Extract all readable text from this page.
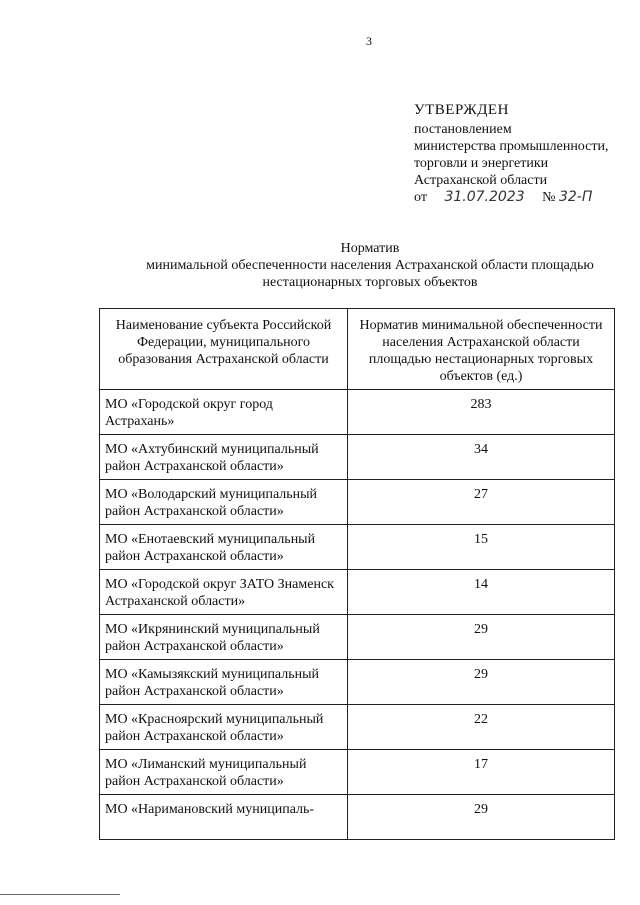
3
УТВЕРЖДЕН
постановлением
министерства промышленности,
торговли и энергетики
Астраханской области
от 31.07.2023 № 32-П
Норматив
минимальной обеспеченности населения Астраханской области площадью
нестационарных торговых объектов
Наименование субъекта Российской Федерации, муниципального образования Астраханской области	Норматив минимальной обеспеченности населения Астраханской области площадью нестационарных торговых объектов (ед.)
МО «Городской округ город Астрахань»	283
МО «Ахтубинский муниципальный район Астраханской области»	34
МО «Володарский муниципальный район Астраханской области»	27
МО «Енотаевский муниципальный район Астраханской области»	15
МО «Городской округ ЗАТО Знаменск Астраханской области»	14
МО «Икрянинский муниципальный район Астраханской области»	29
МО «Камызякский муниципальный район Астраханской области»	29
МО «Красноярский муниципальный район Астраханской области»	22
МО «Лиманский муниципальный район Астраханской области»	17
МО «Наримановский муниципаль-	29
